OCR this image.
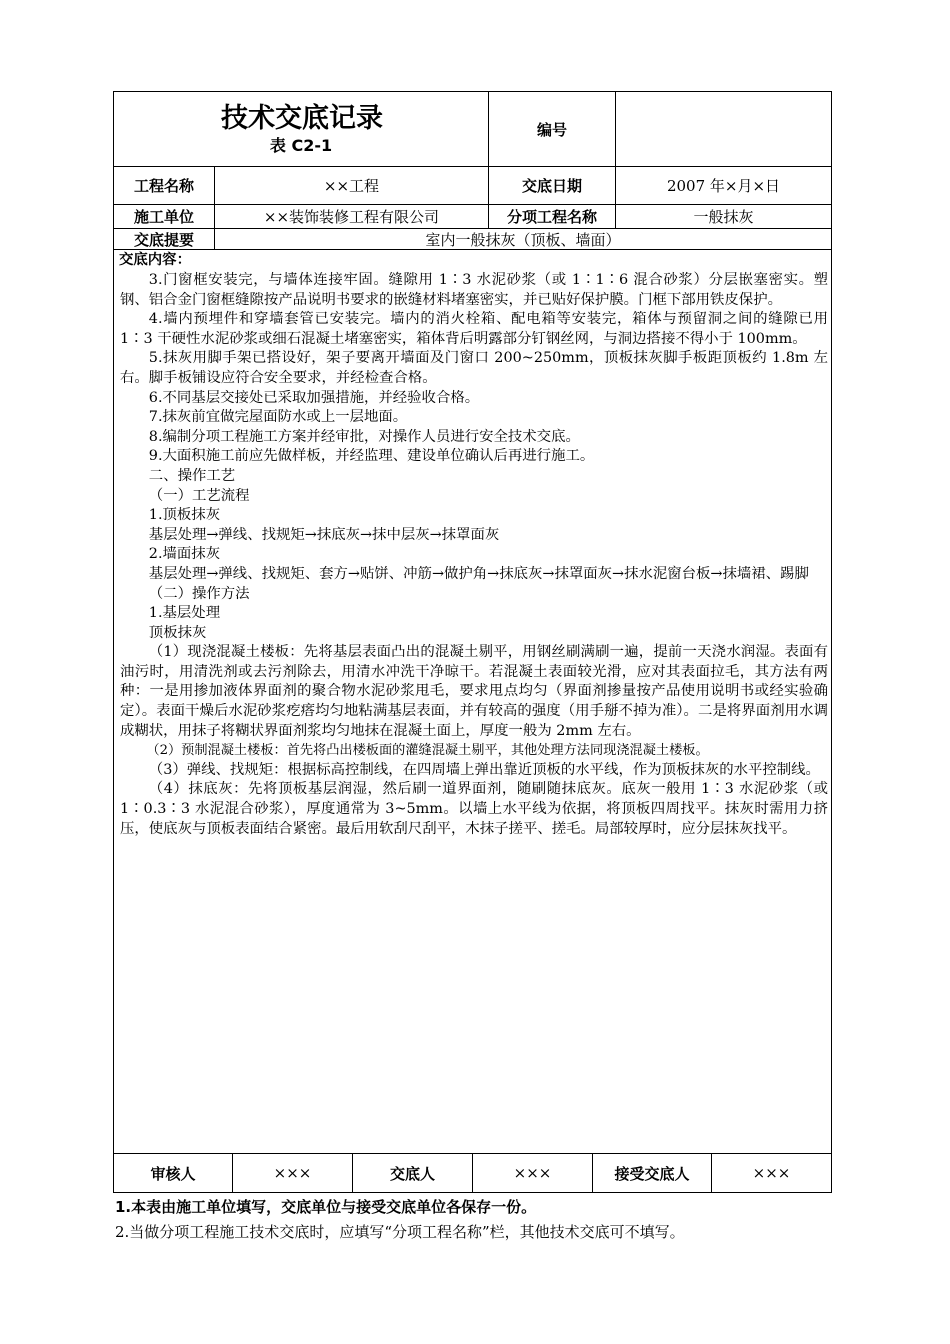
技术交底记录
表 C2-1
编号
工程名称	××工程	交底日期	2007 年×月×日
施工单位	××装饰装修工程有限公司	分项工程名称	一般抹灰
交底提要	室内一般抹灰（顶板、墙面）
交底内容：

3.门窗框安装完，与墙体连接牢固。缝隙用 1∶3 水泥砂浆（或 1∶1∶6 混合砂浆）分层嵌塞密实。塑钢、铝合金门窗框缝隙按产品说明书要求的嵌缝材料堵塞密实，并已贴好保护膜。门框下部用铁皮保护。

4.墙内预埋件和穿墙套管已安装完。墙内的消火栓箱、配电箱等安装完，箱体与预留洞之间的缝隙已用 1∶3 干硬性水泥砂浆或细石混凝土堵塞密实，箱体背后明露部分钉钢丝网，与洞边搭接不得小于 100mm。

5.抹灰用脚手架已搭设好，架子要离开墙面及门窗口 200~250mm，顶板抹灰脚手板距顶板约 1.8m 左右。脚手板铺设应符合安全要求，并经检查合格。

6.不同基层交接处已采取加强措施，并经验收合格。

7.抹灰前宜做完屋面防水或上一层地面。

8.编制分项工程施工方案并经审批，对操作人员进行安全技术交底。

9.大面积施工前应先做样板，并经监理、建设单位确认后再进行施工。

二、操作工艺

（一）工艺流程

1.顶板抹灰

基层处理→弹线、找规矩→抹底灰→抹中层灰→抹罩面灰

2.墙面抹灰

基层处理→弹线、找规矩、套方→贴饼、冲筋→做护角→抹底灰→抹罩面灰→抹水泥窗台板→抹墙裙、踢脚

（二）操作方法

1.基层处理

顶板抹灰

（1）现浇混凝土楼板：先将基层表面凸出的混凝土剔平，用钢丝刷满刷一遍，提前一天浇水润湿。表面有油污时，用清洗剂或去污剂除去，用清水冲洗干净晾干。若混凝土表面较光滑，应对其表面拉毛，其方法有两种：一是用掺加液体界面剂的聚合物水泥砂浆甩毛，要求甩点均匀（界面剂掺量按产品使用说明书或经实验确定）。表面干燥后水泥砂浆疙瘩均匀地粘满基层表面，并有较高的强度（用手掰不掉为准）。二是将界面剂用水调成糊状，用抹子将糊状界面剂浆均匀地抹在混凝土面上，厚度一般为 2mm 左右。

（2）预制混凝土楼板：首先将凸出楼板面的灌缝混凝土剔平，其他处理方法同现浇混凝土楼板。

（3）弹线、找规矩：根据标高控制线，在四周墙上弹出靠近顶板的水平线，作为顶板抹灰的水平控制线。

（4）抹底灰：先将顶板基层润湿，然后刷一道界面剂，随刷随抹底灰。底灰一般用 1∶3 水泥砂浆（或 1∶0.3∶3 水泥混合砂浆），厚度通常为 3~5mm。以墙上水平线为依据，将顶板四周找平。抹灰时需用力挤压，使底灰与顶板表面结合紧密。最后用软刮尺刮平，木抹子搓平、搓毛。局部较厚时，应分层抹灰找平。

审核人	×××	交底人	×××	接受交底人	×××
1.本表由施工单位填写，交底单位与接受交底单位各保存一份。
2.当做分项工程施工技术交底时，应填写“分项工程名称”栏，其他技术交底可不填写。
